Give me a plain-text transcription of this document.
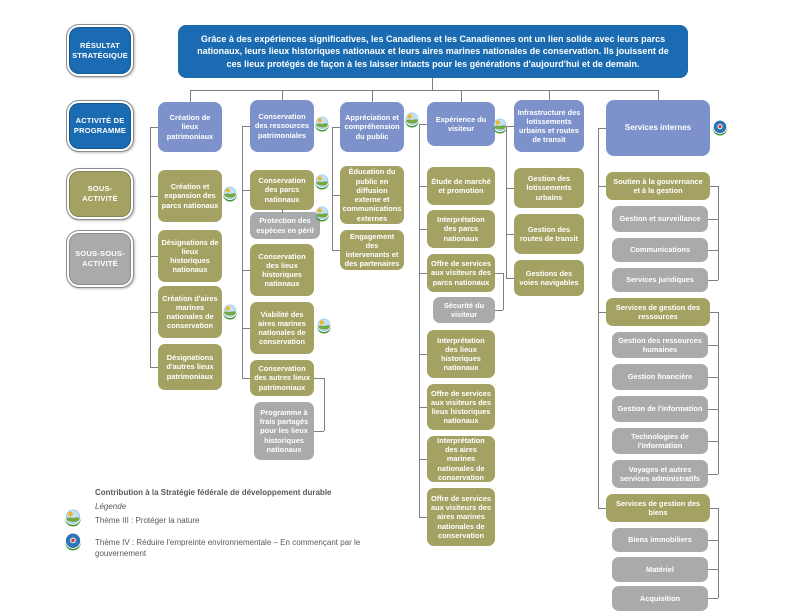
RÉSULTAT STRATÉGIQUE
ACTIVITÉ DE PROGRAMME
SOUS-ACTIVITÉ
SOUS-SOUS-ACTIVITÉ
Grâce à des expériences significatives, les Canadiens et les Canadiennes ont un lien solide avec leurs parcs nationaux, leurs lieux historiques nationaux et leurs aires marines nationales de conservation. Ils jouissent de ces lieux protégés de façon à les laisser intacts pour les générations d'aujourd'hui et de demain.
Création de lieux patrimoniaux
Création et expansion des parcs nationaux
Désignations de lieux historiques nationaux
Création d'aires marines nationales de conservation
Désignations d'autres lieux patrimoniaux
Conservation des ressources patrimoniales
Conservation des parcs nationaux
Protection des espèces en péril
Conservation des lieux historiques nationaux
Viabilité des aires marines nationales de conservation
Conservation des autres lieux patrimoniaux
Programme à frais partagés pour les lieux historiques nationaux
Appréciation et compréhension du public
Éducation du public en diffusion externe et communications externes
Engagement des intervenants et des partenaires
Expérience du visiteur
Étude de marché et promotion
Interprétation des parcs nationaux
Offre de services aux visiteurs des parcs nationaux
Sécurité du visiteur
Interprétation des lieux historiques nationaux
Offre de services aux visiteurs des lieux historiques nationaux
Interprétation des aires marines nationales de conservation
Offre de services aux visiteurs des aires marines nationales de conservation
Infrastructure des lotissements urbains et routes de transit
Gestion des lotissements urbains
Gestion des routes de transit
Gestions des voies navigables
Services internes
Soutien à la gouvernance et à la gestion
Gestion et surveillance
Communications
Services juridiques
Services de gestion des ressources
Gestion des ressources humaines
Gestion financière
Gestion de l'information
Technologies de l'information
Voyages et autres services administratifs
Services de gestion des biens
Biens immobiliers
Matériel
Acquisition
Contribution à la Stratégie fédérale de développement durable
Légende
Thème III : Protéger la nature
Thème IV : Réduire l'empreinte environnementale – En commençant par le gouvernement
